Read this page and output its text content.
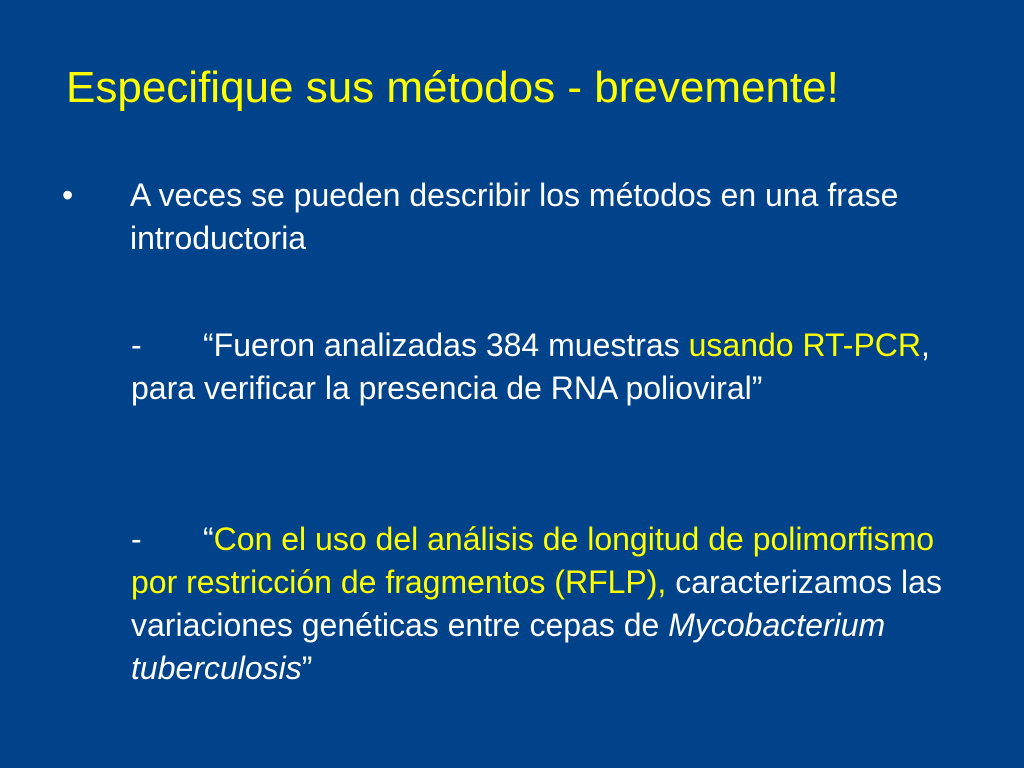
Especifique sus métodos - brevemente!
• A veces se pueden describir los métodos en una frase introductoria
- “Fueron analizadas 384 muestras usando RT-PCR, para verificar la presencia de RNA polioviral”
- “Con el uso del análisis de longitud de polimorfismo por restricción de fragmentos (RFLP), caracterizamos las variaciones genéticas entre cepas de Mycobacterium tuberculosis”
